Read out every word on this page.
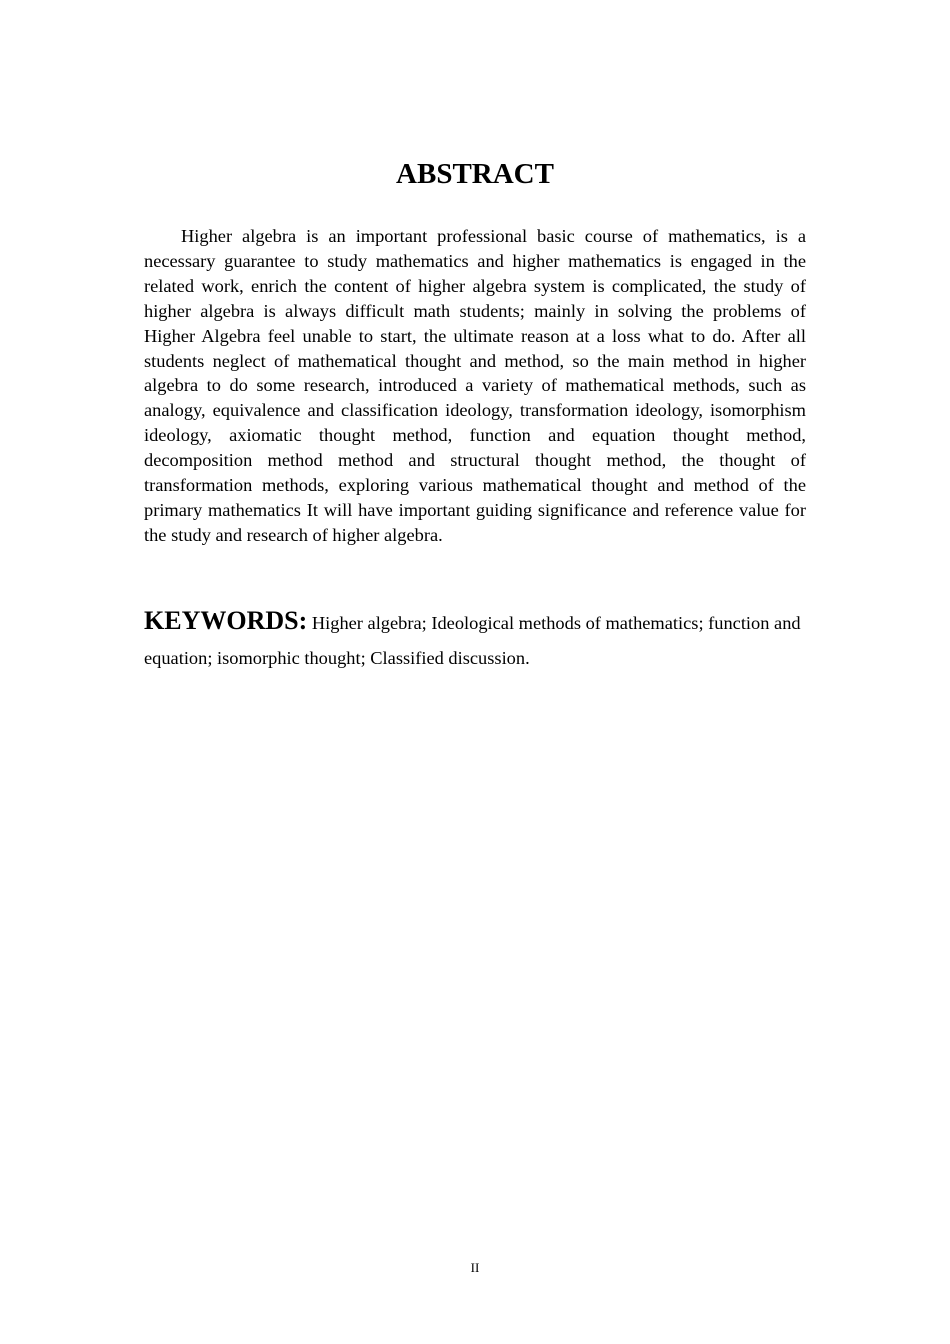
ABSTRACT

Higher algebra is an important professional basic course of mathematics, is a necessary guarantee to study mathematics and higher mathematics is engaged in the related work, enrich the content of higher algebra system is complicated, the study of higher algebra is always difficult math students; mainly in solving the problems of Higher Algebra feel unable to start, the ultimate reason at a loss what to do. After all students neglect of mathematical thought and method, so the main method in higher algebra to do some research, introduced a variety of mathematical methods, such as analogy, equivalence and classification ideology, transformation ideology, isomorphism ideology, axiomatic thought method, function and equation thought method, decomposition method method and structural thought method, the thought of transformation methods, exploring various mathematical thought and method of the primary mathematics It will have important guiding significance and reference value for the study and research of higher algebra.

KEYWORDS: Higher algebra; Ideological methods of mathematics; function and equation; isomorphic thought; Classified discussion.

II
